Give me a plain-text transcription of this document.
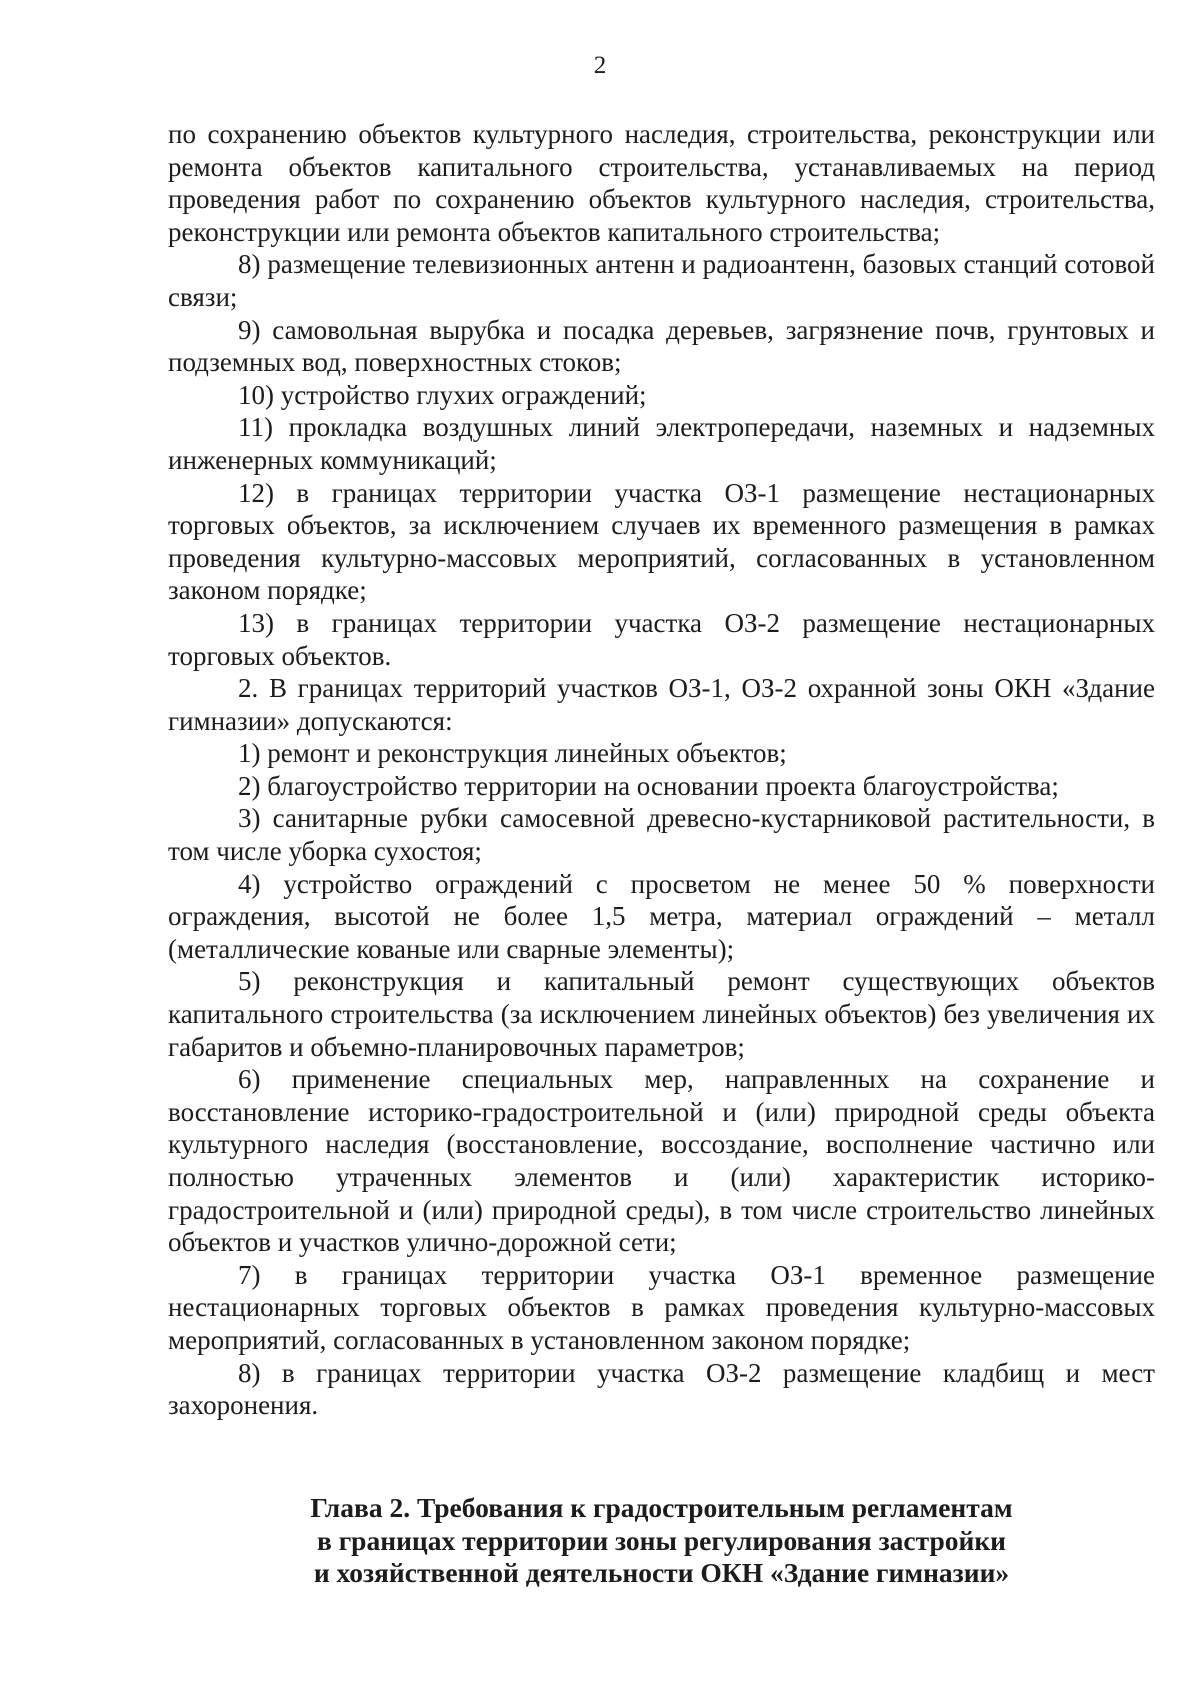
2

по сохранению объектов культурного наследия, строительства, реконструкции или ремонта объектов капитального строительства, устанавливаемых на период проведения работ по сохранению объектов культурного наследия, строительства, реконструкции или ремонта объектов капитального строительства;

8) размещение телевизионных антенн и радиоантенн, базовых станций сотовой связи;

9) самовольная вырубка и посадка деревьев, загрязнение почв, грунтовых и подземных вод, поверхностных стоков;

10) устройство глухих ограждений;

11) прокладка воздушных линий электропередачи, наземных и надземных инженерных коммуникаций;

12) в границах территории участка ОЗ-1 размещение нестационарных торговых объектов, за исключением случаев их временного размещения в рамках проведения культурно-массовых мероприятий, согласованных в установленном законом порядке;

13) в границах территории участка ОЗ-2 размещение нестационарных торговых объектов.

2. В границах территорий участков ОЗ-1, ОЗ-2 охранной зоны ОКН «Здание гимназии» допускаются:

1) ремонт и реконструкция линейных объектов;

2) благоустройство территории на основании проекта благоустройства;

3) санитарные рубки самосевной древесно-кустарниковой растительности, в том числе уборка сухостоя;

4) устройство ограждений с просветом не менее 50 % поверхности ограждения, высотой не более 1,5 метра, материал ограждений – металл (металлические кованые или сварные элементы);

5) реконструкция и капитальный ремонт существующих объектов капитального строительства (за исключением линейных объектов) без увеличения их габаритов и объемно-планировочных параметров;

6) применение специальных мер, направленных на сохранение и восстановление историко-градостроительной и (или) природной среды объекта культурного наследия (восстановление, воссоздание, восполнение частично или полностью утраченных элементов и (или) характеристик историко-градостроительной и (или) природной среды), в том числе строительство линейных объектов и участков улично-дорожной сети;

7) в границах территории участка ОЗ-1 временное размещение нестационарных торговых объектов в рамках проведения культурно-массовых мероприятий, согласованных в установленном законом порядке;

8) в границах территории участка ОЗ-2 размещение кладбищ и мест захоронения.

Глава 2. Требования к градостроительным регламентам
в границах территории зоны регулирования застройки
и хозяйственной деятельности ОКН «Здание гимназии»
